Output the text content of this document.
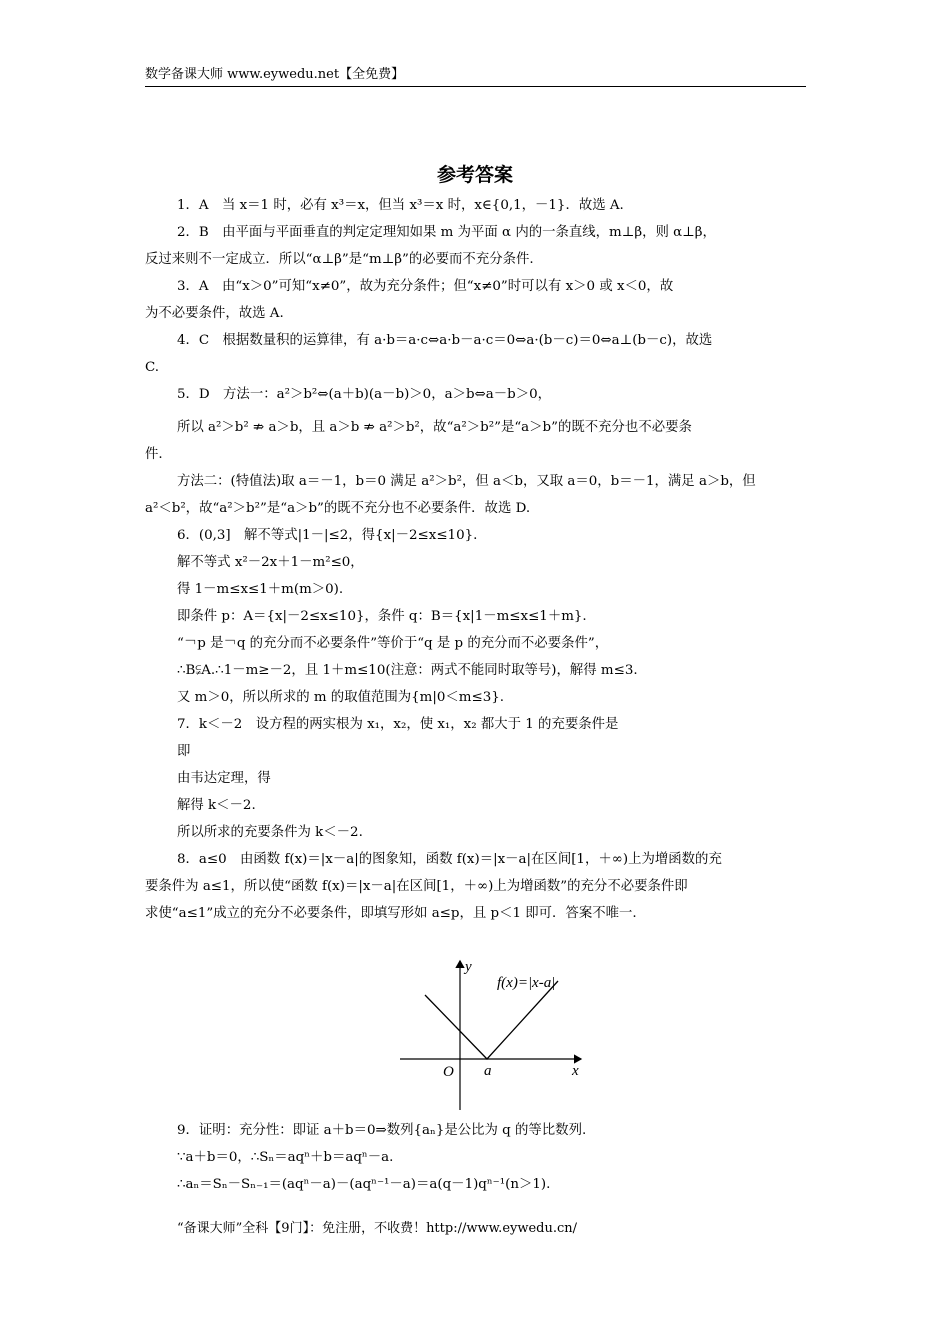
数学备课大师 www.eywedu.net【全免费】
参考答案

1．A　当 x＝1 时，必有 x³＝x，但当 x³＝x 时，x∈{0,1，－1}．故选 A.

2．B　由平面与平面垂直的判定定理知如果 m 为平面 α 内的一条直线，m⊥β，则 α⊥β，

反过来则不一定成立．所以“α⊥β”是“m⊥β”的必要而不充分条件.

3．A　由“x＞0”可知“x≠0”，故为充分条件；但“x≠0”时可以有 x＞0 或 x＜0，故

为不必要条件，故选 A.

4．C　根据数量积的运算律，有 a·b＝a·c⇔a·b－a·c＝0⇔a·(b－c)＝0⇔a⊥(b－c)，故选

C.

5．D　方法一：a²＞b²⇔(a＋b)(a－b)＞0，a＞b⇔a－b＞0，

所以 a²＞b² ⇏ a＞b，且 a＞b ⇏ a²＞b²，故“a²＞b²”是“a＞b”的既不充分也不必要条

件.

方法二：(特值法)取 a＝－1，b＝0 满足 a²＞b²，但 a＜b，又取 a＝0，b＝－1，满足 a＞b，但

a²＜b²，故“a²＞b²”是“a＞b”的既不充分也不必要条件．故选 D.

6．(0,3]　解不等式|1－|≤2，得{x|－2≤x≤10}.

解不等式 x²－2x＋1－m²≤0，

得 1－m≤x≤1＋m(m＞0).

即条件 p：A＝{x|－2≤x≤10}，条件 q：B＝{x|1－m≤x≤1＋m}.

“￢p 是￢q 的充分而不必要条件”等价于“q 是 p 的充分而不必要条件”，

∴B⫋A.∴1－m≥－2，且 1＋m≤10(注意：两式不能同时取等号)，解得 m≤3.

又 m＞0，所以所求的 m 的取值范围为{m|0＜m≤3}.

7．k＜－2　设方程的两实根为 x₁，x₂，使 x₁，x₂ 都大于 1 的充要条件是

即

由韦达定理，得

解得 k＜－2.

所以所求的充要条件为 k＜－2.

8．a≤0　由函数 f(x)＝|x－a|的图象知，函数 f(x)＝|x－a|在区间[1，＋∞)上为增函数的充

要条件为 a≤1，所以使“函数 f(x)＝|x－a|在区间[1，＋∞)上为增函数”的充分不必要条件即

求使“a≤1”成立的充分不必要条件，即填写形如 a≤p，且 p＜1 即可．答案不唯一.

y
x
O a
f(x)=|x-a|

9．证明：充分性：即证 a＋b＝0⇒数列{aₙ}是公比为 q 的等比数列.

∵a＋b＝0，∴Sₙ＝aqⁿ＋b＝aqⁿ－a.

∴aₙ＝Sₙ－Sₙ₋₁＝(aqⁿ－a)－(aqⁿ⁻¹－a)＝a(q－1)qⁿ⁻¹(n＞1).

“备课大师”全科【9门】：免注册，不收费！http://www.eywedu.cn/
